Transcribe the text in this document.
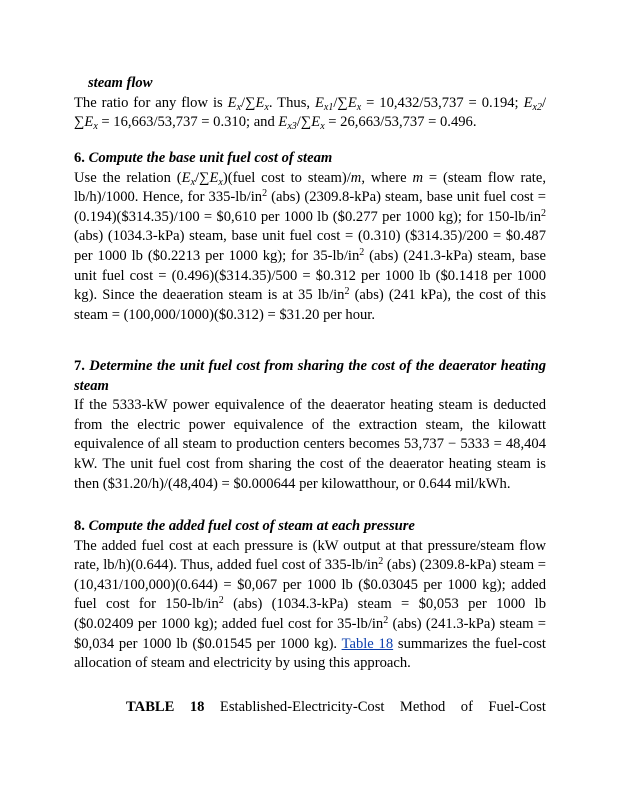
steam flow

The ratio for any flow is $E_x/\sum E_x$. Thus, $E_{x1}/\sum E_x = 10,432/53,737 = 0.194$; $E_{x2}/\sum E_x = 16,663/53,737 = 0.310$; and $E_{x3}/\sum E_x = 26,663/53,737 = 0.496$.

6. Compute the base unit fuel cost of steam

Use the relation $(E_x/\sum E_x)(fuel$ cost to steam)/m, where m = (steam flow rate, lb/h)/1000. Hence, for $335-lb/in^2$ (abs) (2309.8-kPa) steam, base unit fuel cost = (0.194)($314.35)/100 = $0,610 per 1000 lb ($0.277 per 1000 kg); for $150-lb/in^2$ (abs) (1034.3-kPa) steam, base unit fuel cost = (0.310) ($314.35)/200 = $0.487 per 1000 lb ($0.2213 per 1000 kg); for $35-lb/in^2$ (abs) (241.3-kPa) steam, base unit fuel cost = (0.496)($314.35)/500 = $0.312 per 1000 lb ($0.1418 per 1000 kg). Since the deaeration steam is at 35 $lb/in^2$ (abs) (241 kPa), the cost of this steam = (100,000/1000)($0.312) = $31.20 per hour.

7. Determine the unit fuel cost from sharing the cost of the deaerator heating steam

If the 5333-kW power equivalence of the deaerator heating steam is deducted from the electric power equivalence of the extraction steam, the kilowatt equivalence of all steam to production centers becomes 53,737 − 5333 = 48,404 kW. The unit fuel cost from sharing the cost of the deaerator heating steam is then ($31.20/h)/(48,404) = $0.000644 per kilowatthour, or 0.644 mil/kWh.

8. Compute the added fuel cost of steam at each pressure

The added fuel cost at each pressure is (kW output at that pressure/steam flow rate, lb/h)(0.644). Thus, added fuel cost of $335-lb/in^2$ (abs) (2309.8-kPa) steam = (10,431/100,000)(0.644) = $0,067 per 1000 lb ($0.03045 per 1000 kg); added fuel cost for $150-lb/in^2$ (abs) (1034.3-kPa) steam = $0,053 per 1000 lb ($0.02409 per 1000 kg); added fuel cost for $35-lb/in^2$ (abs) (241.3-kPa) steam = $0,034 per 1000 lb ($0.01545 per 1000 kg). Table 18 summarizes the fuel-cost allocation of steam and electricity by using this approach.

TABLE 18 Established-Electricity-Cost Method of Fuel-Cost
